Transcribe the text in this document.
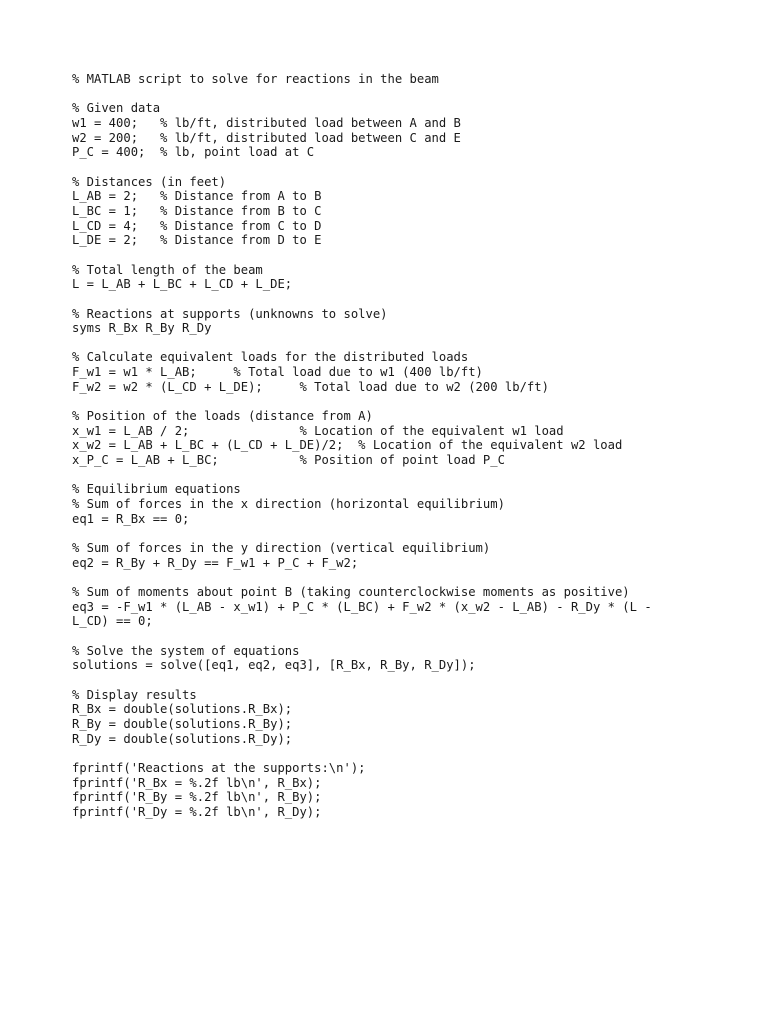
% MATLAB script to solve for reactions in the beam
% Given data
w1 = 400;   % lb/ft, distributed load between A and B
w2 = 200;   % lb/ft, distributed load between C and E
P_C = 400;  % lb, point load at C
% Distances (in feet)
L_AB = 2;   % Distance from A to B
L_BC = 1;   % Distance from B to C
L_CD = 4;   % Distance from C to D
L_DE = 2;   % Distance from D to E
% Total length of the beam
L = L_AB + L_BC + L_CD + L_DE;
% Reactions at supports (unknowns to solve)
syms R_Bx R_By R_Dy
% Calculate equivalent loads for the distributed loads
F_w1 = w1 * L_AB;     % Total load due to w1 (400 lb/ft)
F_w2 = w2 * (L_CD + L_DE);     % Total load due to w2 (200 lb/ft)
% Position of the loads (distance from A)
x_w1 = L_AB / 2;               % Location of the equivalent w1 load
x_w2 = L_AB + L_BC + (L_CD + L_DE)/2;  % Location of the equivalent w2 load
x_P_C = L_AB + L_BC;           % Position of point load P_C
% Equilibrium equations
% Sum of forces in the x direction (horizontal equilibrium)
eq1 = R_Bx == 0;
% Sum of forces in the y direction (vertical equilibrium)
eq2 = R_By + R_Dy == F_w1 + P_C + F_w2;
% Sum of moments about point B (taking counterclockwise moments as positive)
eq3 = -F_w1 * (L_AB - x_w1) + P_C * (L_BC) + F_w2 * (x_w2 - L_AB) - R_Dy * (L -
L_CD) == 0;
% Solve the system of equations
solutions = solve([eq1, eq2, eq3], [R_Bx, R_By, R_Dy]);
% Display results
R_Bx = double(solutions.R_Bx);
R_By = double(solutions.R_By);
R_Dy = double(solutions.R_Dy);
fprintf('Reactions at the supports:\n');
fprintf('R_Bx = %.2f lb\n', R_Bx);
fprintf('R_By = %.2f lb\n', R_By);
fprintf('R_Dy = %.2f lb\n', R_Dy);
